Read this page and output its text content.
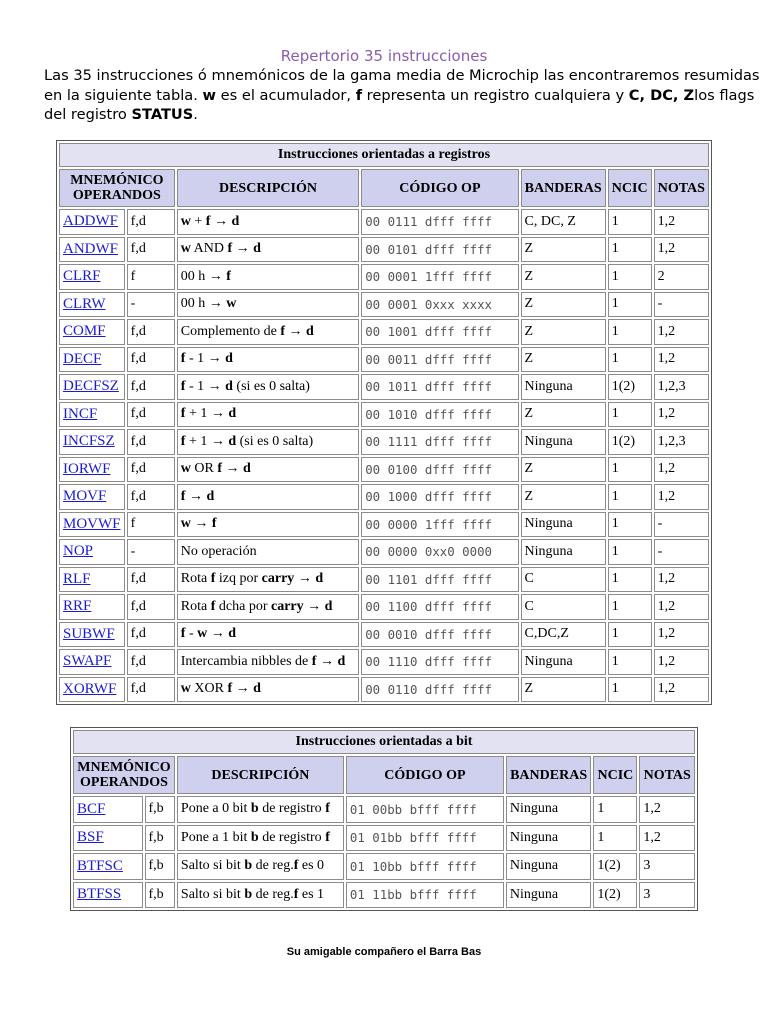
Repertorio 35 instrucciones
Las 35 instrucciones ó mnemónicos de la gama media de Microchip las encontraremos resumidas en la siguiente tabla. w es el acumulador, f representa un registro cualquiera y C, DC, Zlos flags del registro STATUS.
Instrucciones orientadas a registros						
MNEMÓNICO OPERANDOS		DESCRIPCIÓN	CÓDIGO OP	BANDERAS	NCIC	NOTAS
ADDWF	f,d	w + f → d	00 0111 dfff ffff	C, DC, Z	1	1,2
ANDWF	f,d	w AND f → d	00 0101 dfff ffff	Z	1	1,2
CLRF	f	00 h → f	00 0001 1fff ffff	Z	1	2
CLRW	-	00 h → w	00 0001 0xxx xxxx	Z	1	-
COMF	f,d	Complemento de f → d	00 1001 dfff ffff	Z	1	1,2
DECF	f,d	f - 1 → d	00 0011 dfff ffff	Z	1	1,2
DECFSZ	f,d	f - 1 → d (si es 0 salta)	00 1011 dfff ffff	Ninguna	1(2)	1,2,3
INCF	f,d	f + 1 → d	00 1010 dfff ffff	Z	1	1,2
INCFSZ	f,d	f + 1 → d (si es 0 salta)	00 1111 dfff ffff	Ninguna	1(2)	1,2,3
IORWF	f,d	w OR f → d	00 0100 dfff ffff	Z	1	1,2
MOVF	f,d	f → d	00 1000 dfff ffff	Z	1	1,2
MOVWF	f	w → f	00 0000 1fff ffff	Ninguna	1	-
NOP	-	No operación	00 0000 0xx0 0000	Ninguna	1	-
RLF	f,d	Rota f izq por carry → d	00 1101 dfff ffff	C	1	1,2
RRF	f,d	Rota f dcha por carry → d	00 1100 dfff ffff	C	1	1,2
SUBWF	f,d	f - w → d	00 0010 dfff ffff	C,DC,Z	1	1,2
SWAPF	f,d	Intercambia nibbles de f → d	00 1110 dfff ffff	Ninguna	1	1,2
XORWF	f,d	w XOR f → d	00 0110 dfff ffff	Z	1	1,2
Instrucciones orientadas a bit						
MNEMÓNICO OPERANDOS		DESCRIPCIÓN	CÓDIGO OP	BANDERAS	NCIC	NOTAS
BCF	f,b	Pone a 0 bit b de registro f	01 00bb bfff ffff	Ninguna	1	1,2
BSF	f,b	Pone a 1 bit b de registro f	01 01bb bfff ffff	Ninguna	1	1,2
BTFSC	f,b	Salto si bit b de reg.f es 0	01 10bb bfff ffff	Ninguna	1(2)	3
BTFSS	f,b	Salto si bit b de reg.f es 1	01 11bb bfff ffff	Ninguna	1(2)	3
Su amigable compañero el Barra Bas
